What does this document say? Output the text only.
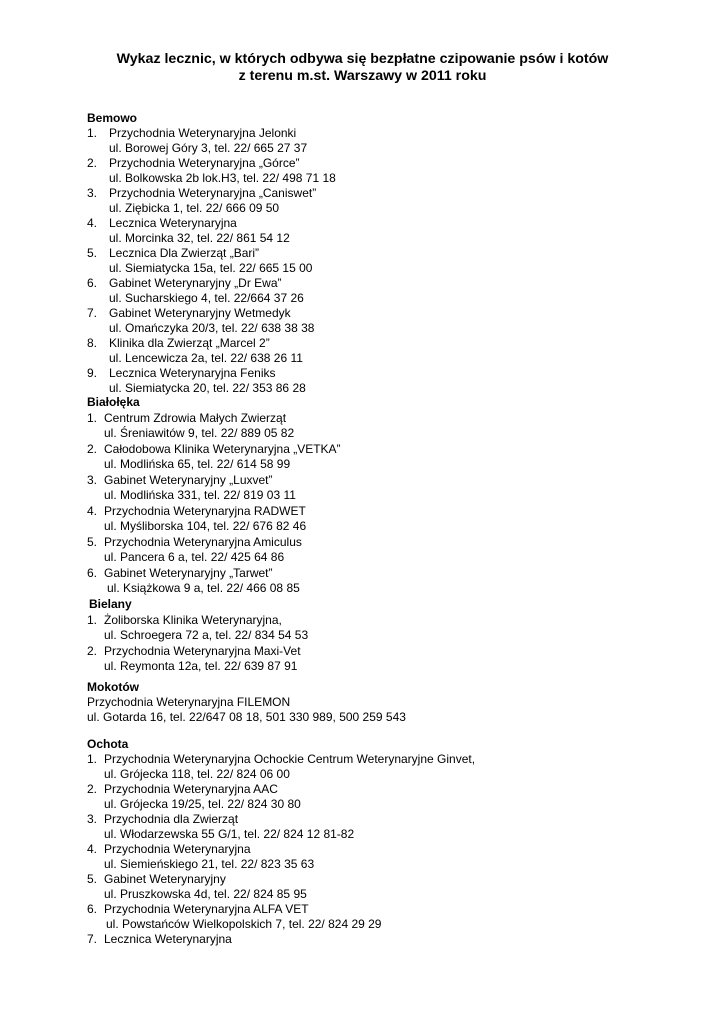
Wykaz lecznic, w których odbywa się bezpłatne czipowanie psów i kotów
z terenu m.st. Warszawy w 2011 roku
Bemowo
1. Przychodnia Weterynaryjna Jelonki
ul. Borowej Góry 3, tel. 22/ 665 27 37
2. Przychodnia Weterynaryjna „Górce”
ul. Bolkowska 2b lok.H3, tel. 22/ 498 71 18
3. Przychodnia Weterynaryjna „Caniswet”
ul. Ziębicka 1, tel. 22/ 666 09 50
4. Lecznica Weterynaryjna
ul. Morcinka 32, tel. 22/ 861 54 12
5. Lecznica Dla Zwierząt „Bari”
ul. Siemiatycka 15a, tel. 22/ 665 15 00
6. Gabinet Weterynaryjny „Dr Ewa”
ul. Sucharskiego 4, tel. 22/664 37 26
7. Gabinet Weterynaryjny Wetmedyk
ul. Omańczyka 20/3, tel. 22/ 638 38 38
8. Klinika dla Zwierząt „Marcel 2”
ul. Lencewicza 2a, tel. 22/ 638 26 11
9. Lecznica Weterynaryjna Feniks
ul. Siemiatycka 20, tel. 22/ 353 86 28
Białołęka
1. Centrum Zdrowia Małych Zwierząt
ul. Śreniawitów 9, tel. 22/ 889 05 82
2. Całodobowa Klinika Weterynaryjna „VETKA”
ul. Modlińska 65, tel. 22/ 614 58 99
3. Gabinet Weterynaryjny „Luxvet”
ul. Modlińska 331, tel. 22/ 819 03 11
4. Przychodnia Weterynaryjna RADWET
ul. Myśliborska 104, tel. 22/ 676 82 46
5. Przychodnia Weterynaryjna Amiculus
ul. Pancera 6 a, tel. 22/ 425 64 86
6. Gabinet Weterynaryjny „Tarwet”
ul. Książkowa 9 a, tel. 22/ 466 08 85
Bielany
1. Żoliborska Klinika Weterynaryjna,
ul. Schroegera 72 a, tel. 22/ 834 54 53
2. Przychodnia Weterynaryjna Maxi-Vet
ul. Reymonta 12a, tel. 22/ 639 87 91
Mokotów
Przychodnia Weterynaryjna FILEMON
ul. Gotarda 16, tel. 22/647 08 18, 501 330 989, 500 259 543
Ochota
1. Przychodnia Weterynaryjna Ochockie Centrum Weterynaryjne Ginvet,
ul. Grójecka 118, tel. 22/ 824 06 00
2. Przychodnia Weterynaryjna AAC
ul. Grójecka 19/25, tel. 22/ 824 30 80
3. Przychodnia dla Zwierząt
ul. Włodarzewska 55 G/1, tel. 22/ 824 12 81-82
4. Przychodnia Weterynaryjna
ul. Siemieńskiego 21, tel. 22/ 823 35 63
5. Gabinet Weterynaryjny
ul. Pruszkowska 4d, tel. 22/ 824 85 95
6. Przychodnia Weterynaryjna ALFA VET
ul. Powstańców Wielkopolskich 7, tel. 22/ 824 29 29
7. Lecznica Weterynaryjna
